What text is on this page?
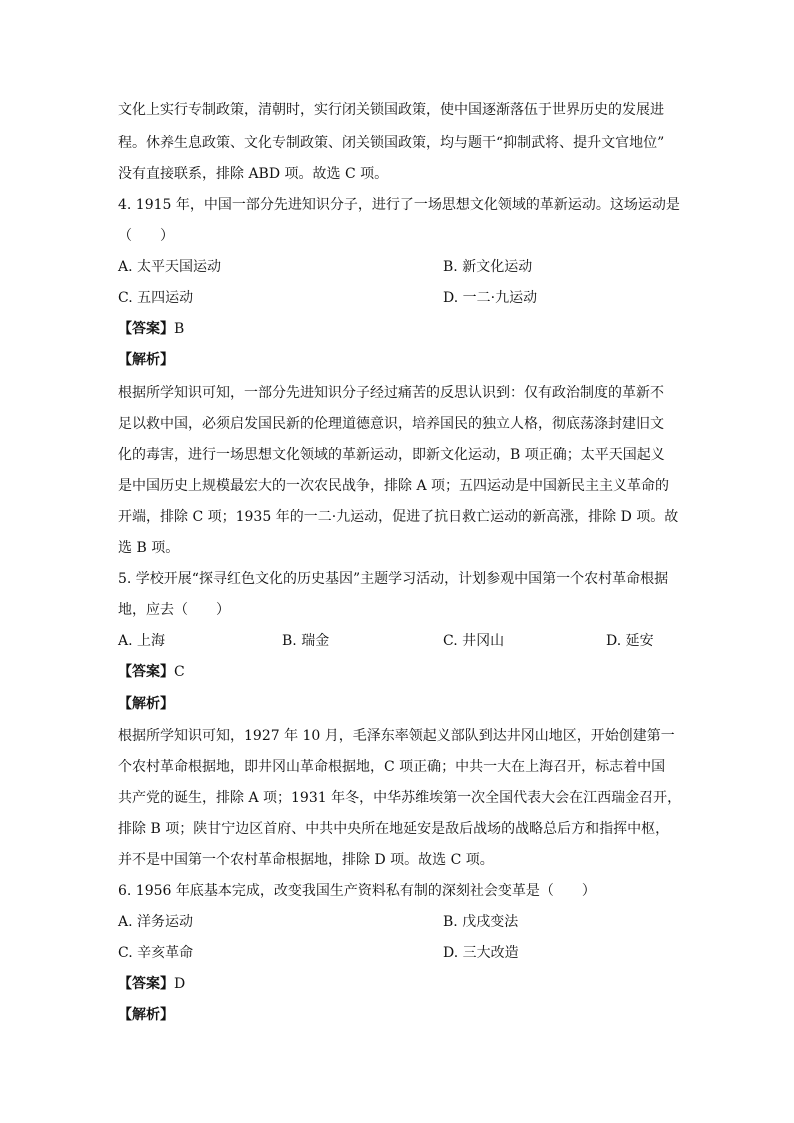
文化上实行专制政策，清朝时，实行闭关锁国政策，使中国逐渐落伍于世界历史的发展进
程。休养生息政策、文化专制政策、闭关锁国政策，均与题干“抑制武将、提升文官地位”
没有直接联系，排除 ABD 项。故选 C 项。
4. 1915 年，中国一部分先进知识分子，进行了一场思想文化领域的革新运动。这场运动是
（　　）
A. 太平天国运动	B. 新文化运动
C. 五四运动	D. 一二·九运动
【答案】B
【解析】
根据所学知识可知，一部分先进知识分子经过痛苦的反思认识到：仅有政治制度的革新不
足以救中国，必须启发国民新的伦理道德意识，培养国民的独立人格，彻底荡涤封建旧文
化的毒害，进行一场思想文化领域的革新运动，即新文化运动，B 项正确；太平天国起义
是中国历史上规模最宏大的一次农民战争，排除 A 项；五四运动是中国新民主主义革命的
开端，排除 C 项；1935 年的一二·九运动，促进了抗日救亡运动的新高涨，排除 D 项。故
选 B 项。
5. 学校开展“探寻红色文化的历史基因”主题学习活动，计划参观中国第一个农村革命根据
地，应去（　　）
A. 上海	B. 瑞金	C. 井冈山	D. 延安
【答案】C
【解析】
根据所学知识可知，1927 年 10 月，毛泽东率领起义部队到达井冈山地区，开始创建第一
个农村革命根据地，即井冈山革命根据地，C 项正确；中共一大在上海召开，标志着中国
共产党的诞生，排除 A 项；1931 年冬，中华苏维埃第一次全国代表大会在江西瑞金召开，
排除 B 项；陕甘宁边区首府、中共中央所在地延安是敌后战场的战略总后方和指挥中枢，
并不是中国第一个农村革命根据地，排除 D 项。故选 C 项。
6. 1956 年底基本完成，改变我国生产资料私有制的深刻社会变革是（　　）
A. 洋务运动	B. 戊戌变法
C. 辛亥革命	D. 三大改造
【答案】D
【解析】
